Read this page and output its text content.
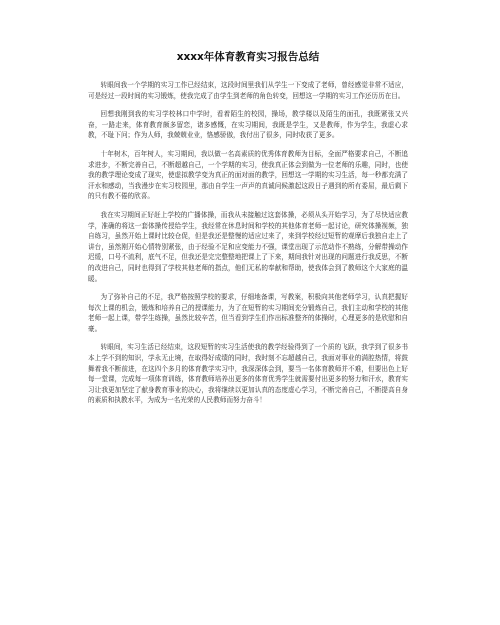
xxxx年体育教育实习报告总结

转眼间我一个学期的实习工作已经结束，这段时间里我们从学生一下变成了老师，曾经感觉非常不适应，可是经过一段时间的实习锻炼，使我完成了由学生到老师的角色转变，回想这一学期的实习工作还历历在目。

回想我刚到我的实习学校林口中学时，看着陌生的校园，操场，教学楼以及陌生的面孔，我既紧张又兴奋，一路走来，体育教育颇多留恋，诸多感慨，在实习期间，我既是学生，又是教师，作为学生，我虚心求教，不耻下问；作为人师，我兢兢业业，恪感骄傲，我付出了很多，同时收获了更多。

十年树木，百年树人，实习期间，我以做一名高素质的优秀体育教师为目标，全面严格要求自己，不断追求进步，不断完善自己，不断超越自己，一个学期的实习，使我真正体会到做为一位老师的乐趣，同时，也使我的教学理论变成了现实，使虚拟教学变为真正的面对面的教学，回想这一学期的实习生活，每一秒都充满了汗水和感动，当我漫步在实习校园里，那由自学生一声声的真诚问候激起这段日子遇到的所有委屈，最后剩下的只有教不倦的欣喜。

我在实习期间正好赶上学校的广播体操，而我从未接触过这套体操，必须从头开始学习，为了尽快适应教学，准确的将这一套体操传授给学生，我经常在休息时间和学校的其他体育老师一起讨论，研究体操视频，独自练习，虽然开始上课时比较仓促，但是我还是整慢的适应过来了，来到学校经过短暂的观摩后我独自走上了讲台，虽然刚开始心情特别紧张，由于经验不足和应变能力不强，课堂出现了示范动作不熟练，分解带操动作迟缓，口号不流利，底气不足，但我还是完完整整地把课上了下来，期间我针对出现的问题进行我反思，不断的改进自己，同时也得到了学校其他老师的指点，他们无私的奉献和帮助，使我体会到了教师这个大家庭的温暖。

为了弥补自己的不足，我严格按照学校的要求，仔细地备课，写教案，积极向其他老师学习，认真把握好每次上课的机会，锻炼和培养自己的授课能力，为了在短暂的实习期间充分锻炼自己，我们主动和学校的其他老师一起上课，带学生练操，虽然比较辛苦，但当看到学生们作出标准整齐的体操时，心理更多的是欣慰和自豪。

转眼间，实习生活已经结束，这段短暂的实习生活使我的教学经验得到了一个质的飞跃，我学到了很多书本上学不到的知识，学永无止境，在取得好成绩的同时，我时刻不忘超越自己，我面对事业的满腔热情，将鼓舞着我不断前进，在这四个多月的体育教学实习中，我深深体会到，要当一名体育教师并不难，但要出色上好每一堂课，完成每一项体育训练，体育教师培养出更多的体育优秀学生就需要付出更多的努力和汗水，教育实习让我更加坚定了献身教育事业的决心，我将继续以更加认真的态度虚心学习，不断完善自己，不断提高自身的素质和执教水平，为成为一名光荣的人民教师而努力奋斗！
